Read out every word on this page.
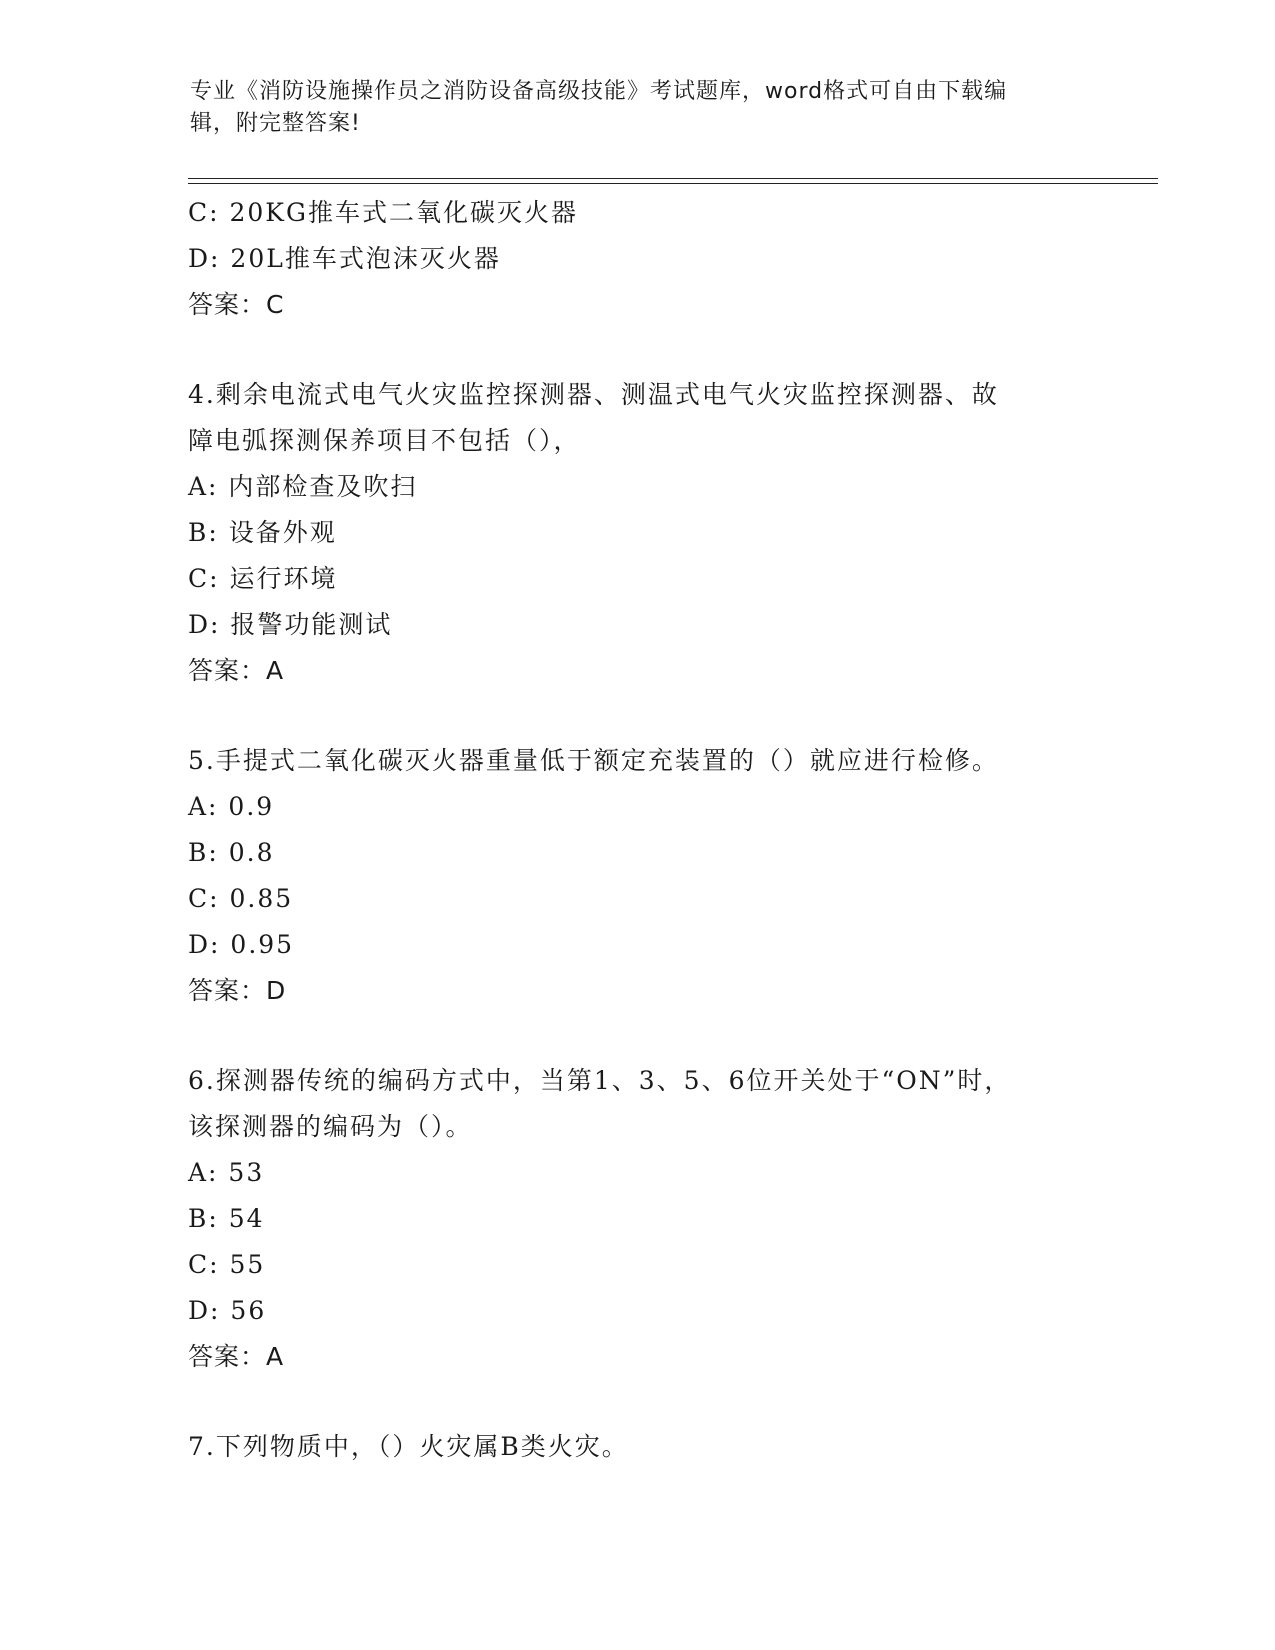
专业《消防设施操作员之消防设备高级技能》考试题库，word格式可自由下载编
辑，附完整答案!
C: 20KG推车式二氧化碳灭火器
D: 20L推车式泡沫灭火器
答案：C
4.剩余电流式电气火灾监控探测器、测温式电气火灾监控探测器、故
障电弧探测保养项目不包括（），
A: 内部检查及吹扫
B: 设备外观
C: 运行环境
D: 报警功能测试
答案：A
5.手提式二氧化碳灭火器重量低于额定充装置的（）就应进行检修。
A: 0.9
B: 0.8
C: 0.85
D: 0.95
答案：D
6.探测器传统的编码方式中，当第1、3、5、6位开关处于“ON”时，
该探测器的编码为（）。
A: 53
B: 54
C: 55
D: 56
答案：A
7.下列物质中，（）火灾属B类火灾。
